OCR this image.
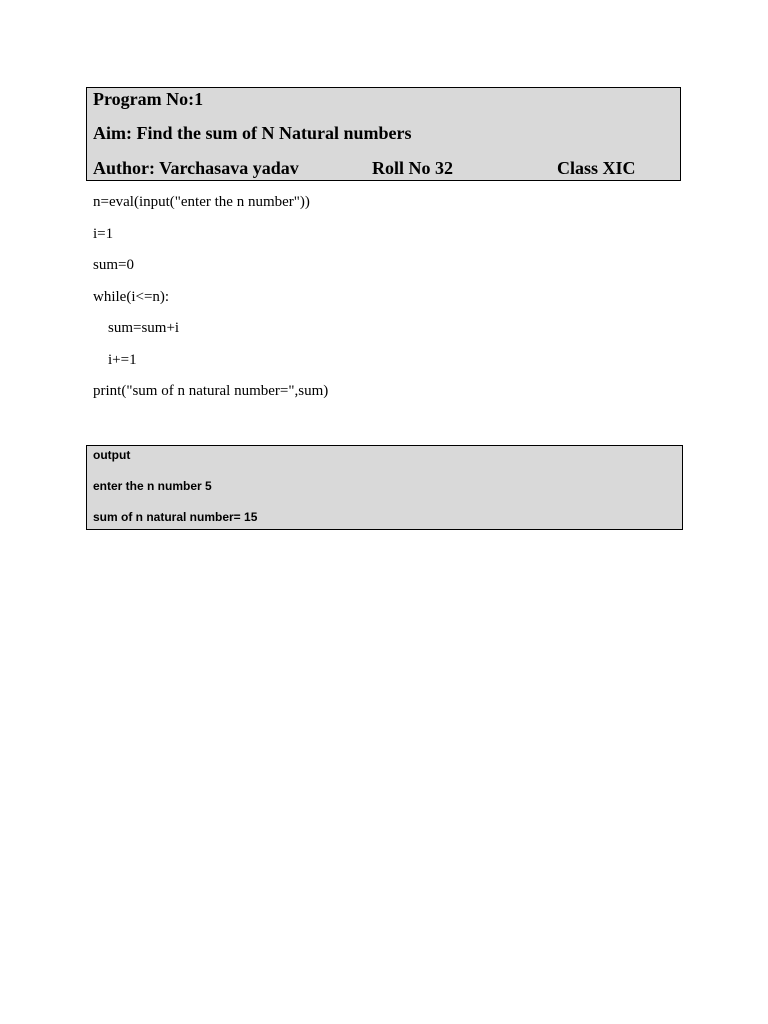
Program No:1
Aim: Find the sum of N Natural numbers
Author: Varchasava yadav	Roll No 32	Class XIC
n=eval(input("enter the n number"))
i=1
sum=0
while(i<=n):
sum=sum+i
i+=1
print("sum of n natural number=",sum)
output
enter the n number 5
sum of n natural number= 15
